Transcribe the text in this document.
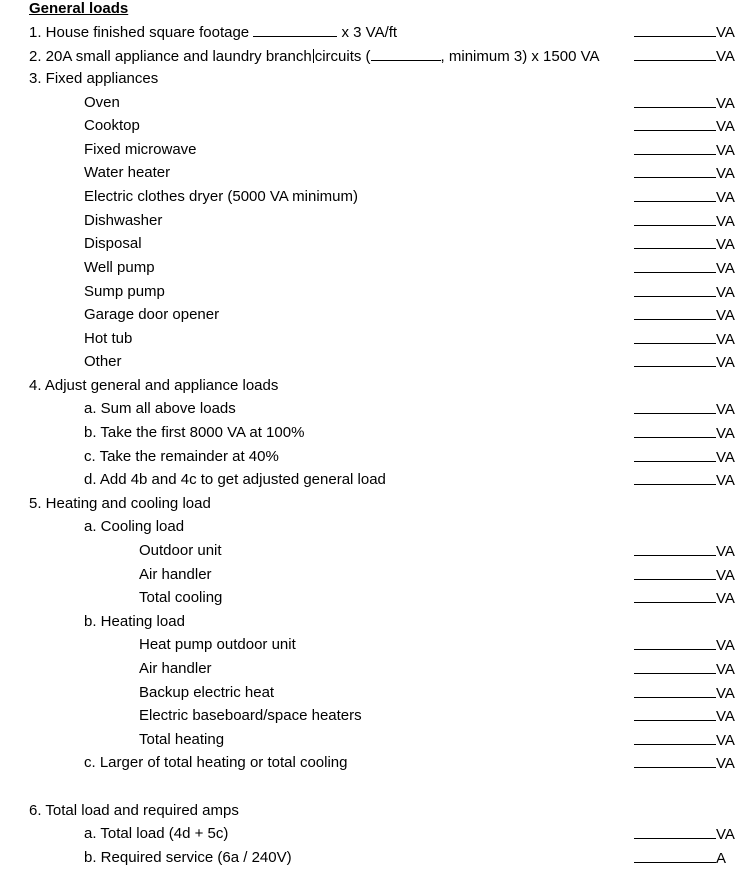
General loads
1. House finished square footage	x 3 VA/ft	VA
2. 20A small appliance and laundry branch circuits (	, minimum 3) x 1500 VA	VA
3. Fixed appliances
Oven	VA
Cooktop	VA
Fixed microwave	VA
Water heater	VA
Electric clothes dryer (5000 VA minimum)	VA
Dishwasher	VA
Disposal	VA
Well pump	VA
Sump pump	VA
Garage door opener	VA
Hot tub	VA
Other	VA
4. Adjust general and appliance loads
a. Sum all above loads	VA
b. Take the first 8000 VA at 100%	VA
c. Take the remainder at 40%	VA
d. Add 4b and 4c to get adjusted general load	VA
5. Heating and cooling load
a. Cooling load
Outdoor unit	VA
Air handler	VA
Total cooling	VA
b. Heating load
Heat pump outdoor unit	VA
Air handler	VA
Backup electric heat	VA
Electric baseboard/space heaters	VA
Total heating	VA
c. Larger of total heating or total cooling	VA
6. Total load and required amps
a. Total load (4d + 5c)	VA
b. Required service (6a / 240V)	A
